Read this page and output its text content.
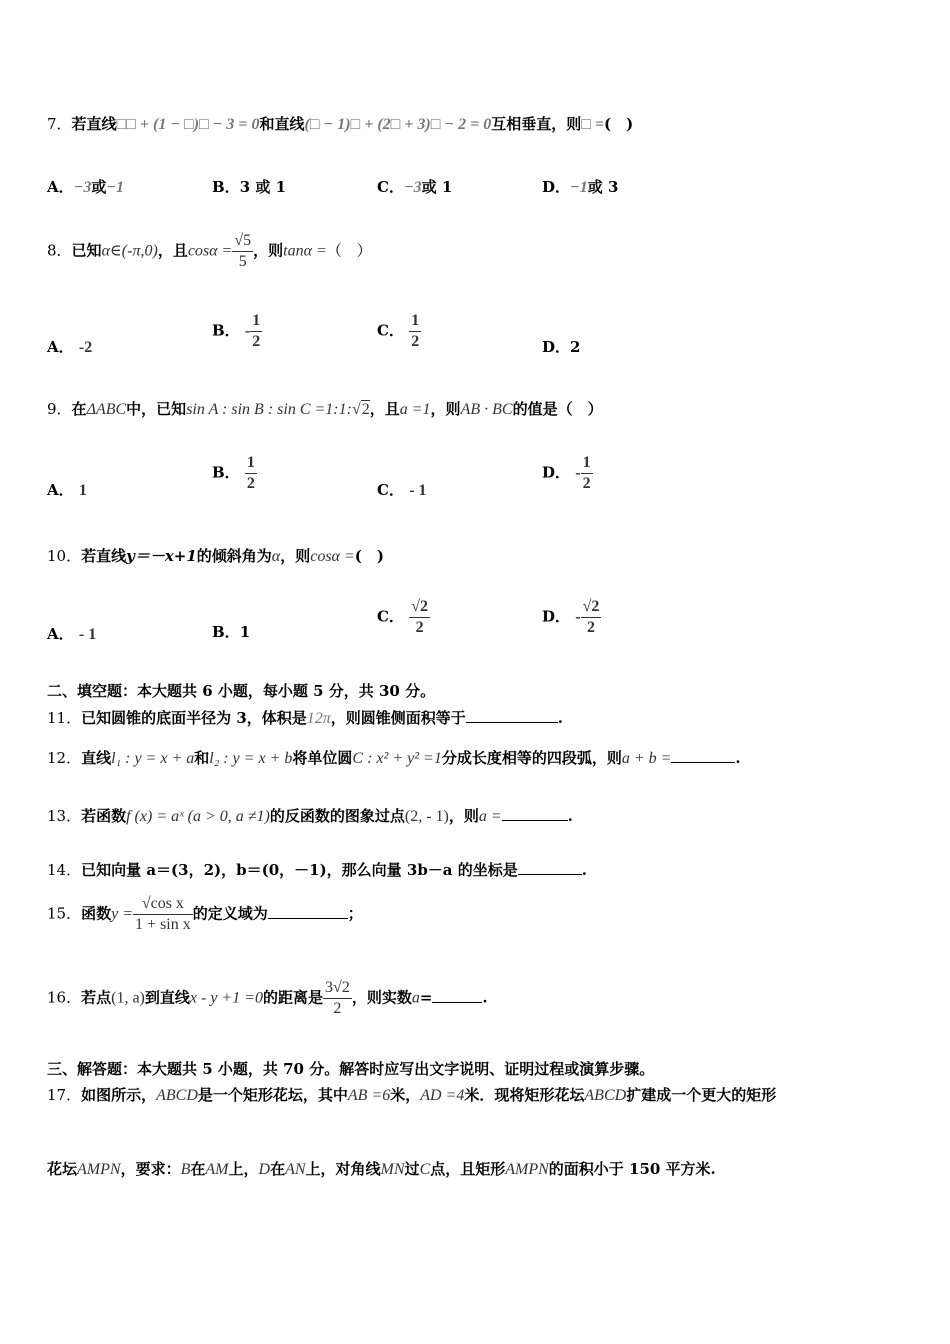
7．若直线□□ + (1 − □)□ − 3 = 0和直线(□ − 1)□ + (2□ + 3)□ − 2 = 0互相垂直，则□ =(　)
A．−3或−1	B．3 或 1	C．−3或 1	D．−1或 3
8．已知α∈(‑π,0)，且$\cos\alpha = \frac{√5}{5}$ ，则tanα =（　）
A． ‑2
B． ‑ $\frac{1}{2}$	C． $\frac{1}{2}$	D．2
9．在ΔABC中，已知sin A : sin B : sin C =1:1:√2，且a =1，则AB · BC的值是（　）
A． 1
B． $\frac{1}{2}$	C． ‑ 1
D． ‑ $\frac{1}{2}$
10．若直线y＝－x+1的倾斜角为α，则cosα =(　)
A． ‑ 1	B．1
C． $\frac{√2}{2}$	D． ‑ $\frac{√2}{2}$
二、填空题：本大题共 6 小题，每小题 5 分，共 30 分。
11．已知圆锥的底面半径为 3，体积是12π，则圆锥侧面积等于	.
12．直线l₁ : y = x + a和l₂ : y = x + b将单位圆C : x² + y² =1分成长度相等的四段弧，则a + b =	.
13．若函数f (x) = aˣ (a > 0, a ≠1)的反函数的图象过点(2, ‑ 1)，则a =	.
14．已知向量 a＝(3，2)，b＝(0，－1)，那么向量 3b－a 的坐标是	.
15．函数$y = \frac{\text{√cos x}}{\text{1 + sin x}}$ 的定义域为	；
16．若点(1, a)到直线x ‑ y +1 =0的距离是 $\frac{3√2}{2}$ ，则实数a=	.
三、解答题：本大题共 5 小题，共 70 分。解答时应写出文字说明、证明过程或演算步骤。
17．如图所示，ABCD是一个矩形花坛，其中AB =6米，AD =4米．现将矩形花坛ABCD扩建成一个更大的矩形
花坛AMPN，要求：B在AM上，D在AN上，对角线MN过C点，且矩形AMPN的面积小于 150 平方米.
